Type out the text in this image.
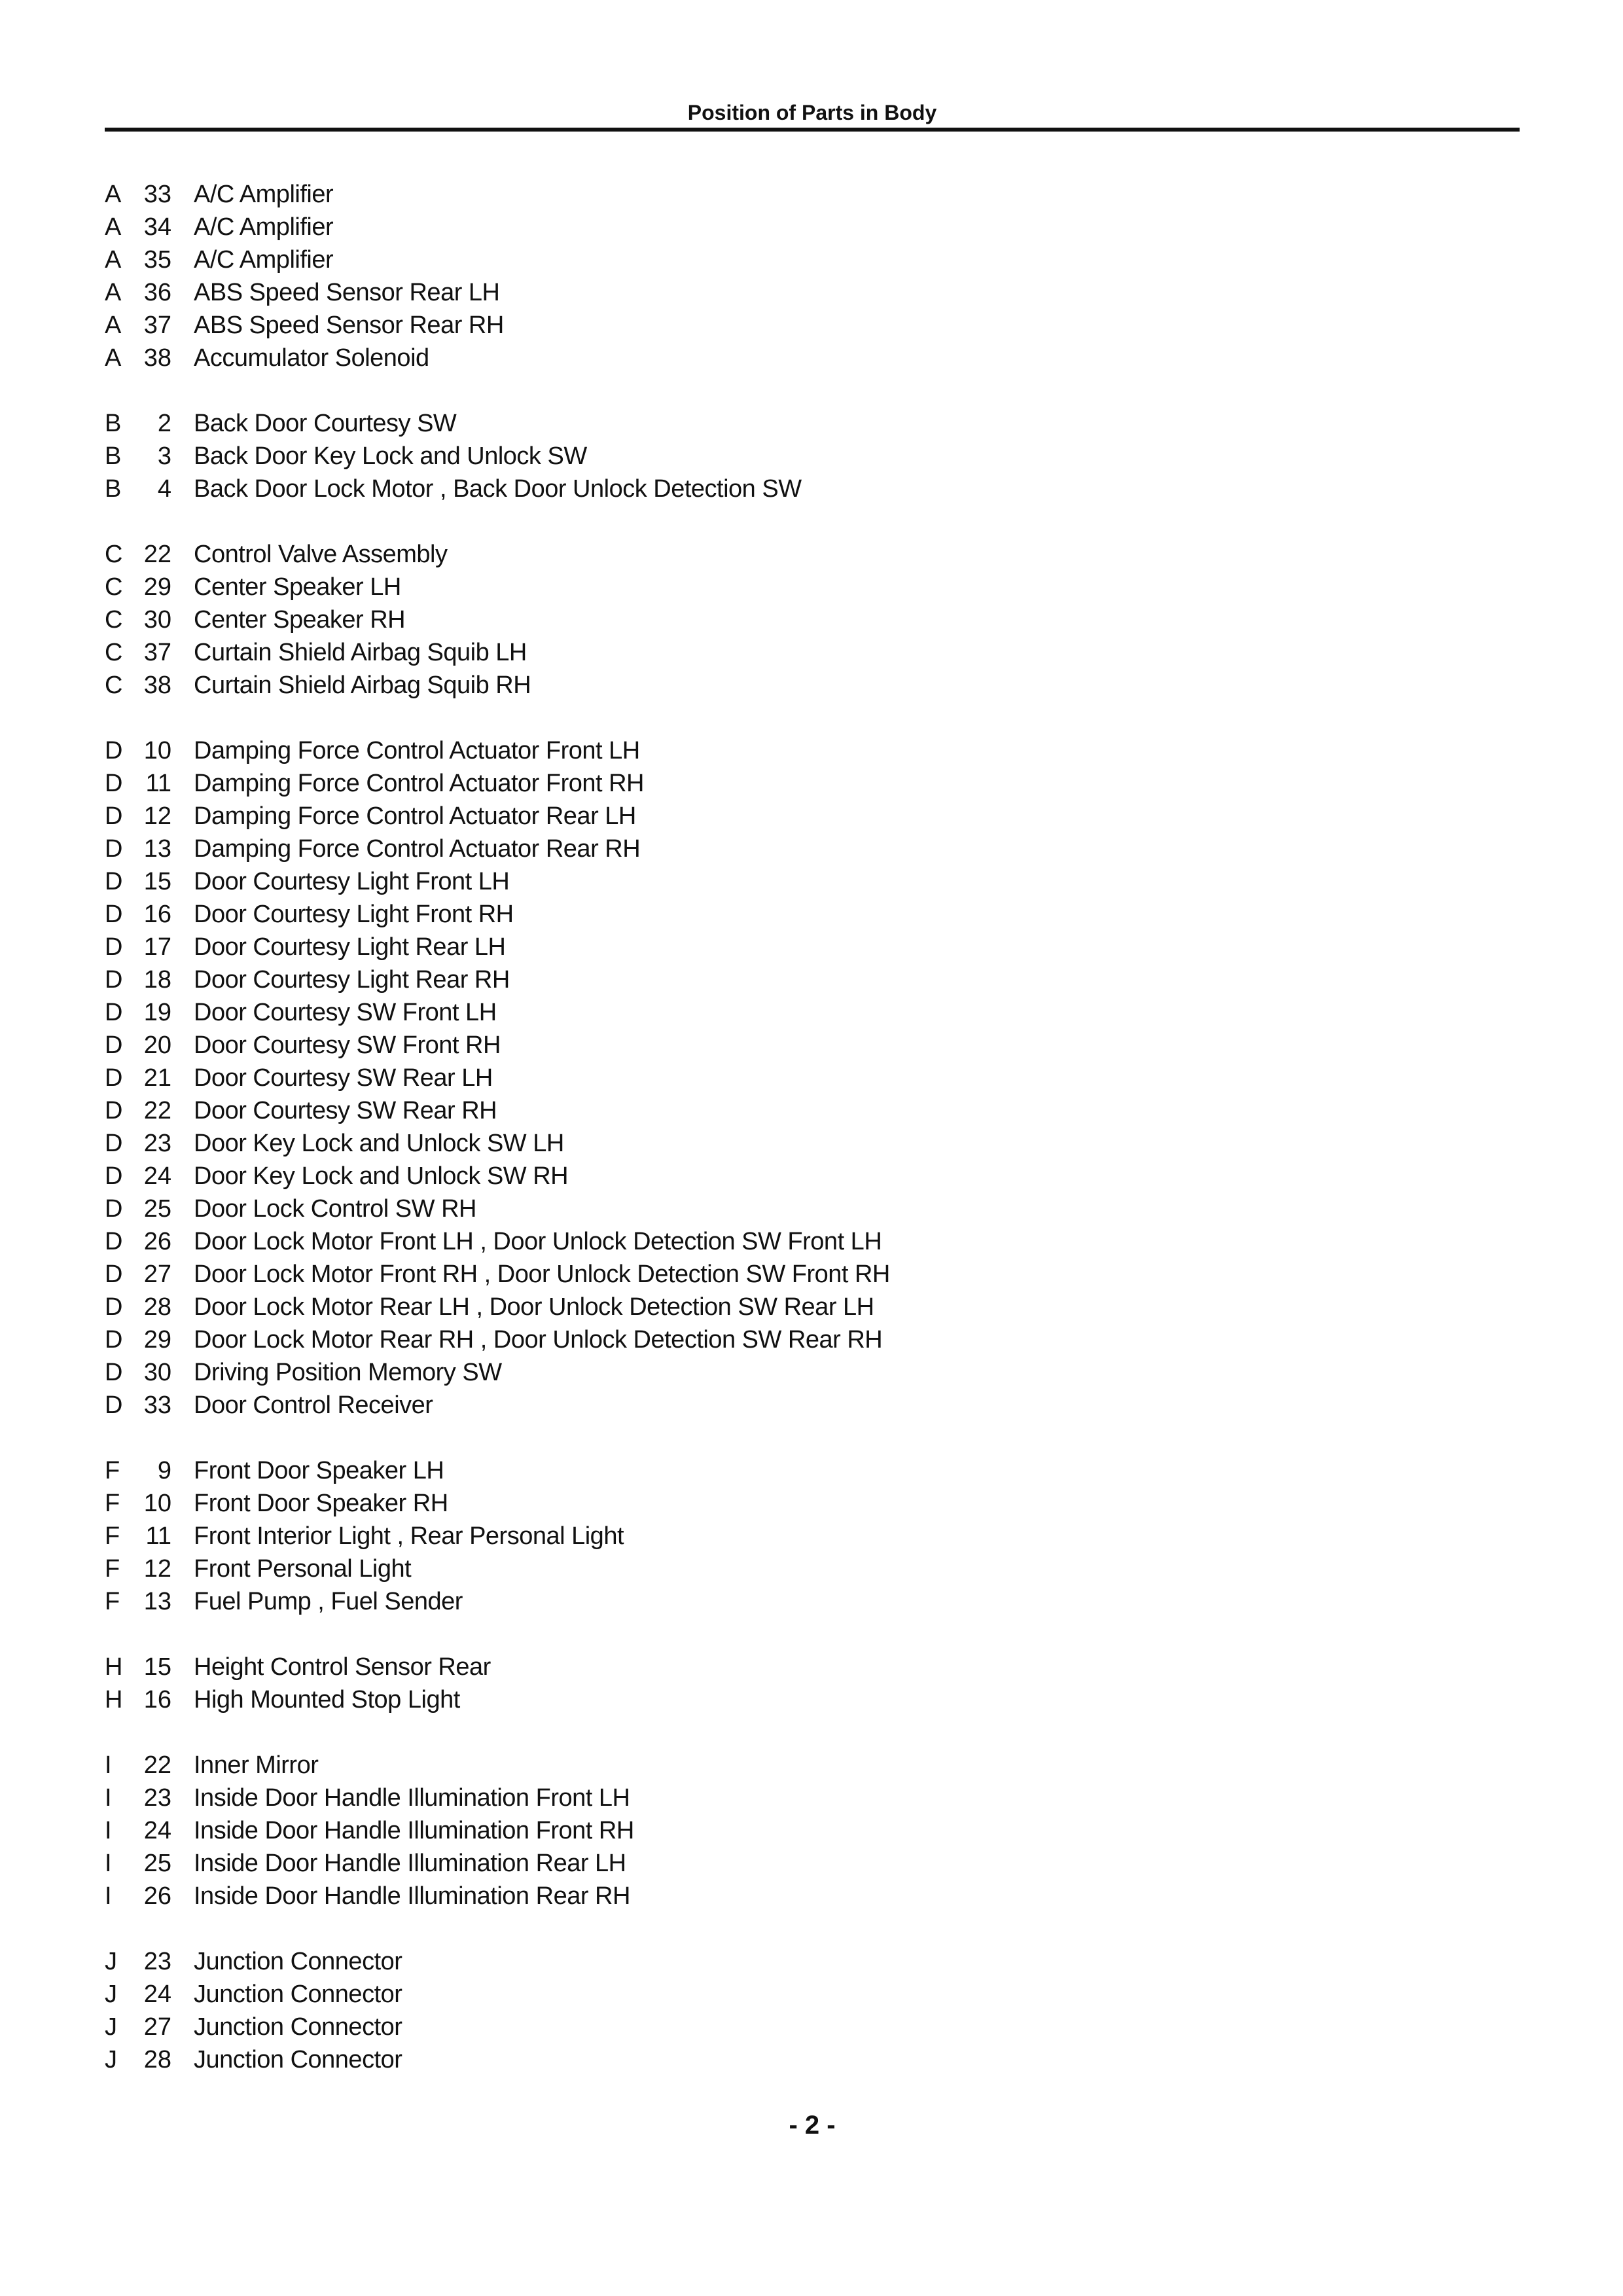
Position of Parts in Body
A 33 A/C Amplifier
A 34 A/C Amplifier
A 35 A/C Amplifier
A 36 ABS Speed Sensor Rear LH
A 37 ABS Speed Sensor Rear RH
A 38 Accumulator Solenoid
B	2 Back Door Courtesy SW
B	3 Back Door Key Lock and Unlock SW
B	4 Back Door Lock Motor , Back Door Unlock Detection SW
C 22 Control Valve Assembly
C 29 Center Speaker LH
C 30 Center Speaker RH
C 37 Curtain Shield Airbag Squib LH
C 38 Curtain Shield Airbag Squib RH
D 10 Damping Force Control Actuator Front LH
D 11 Damping Force Control Actuator Front RH
D 12 Damping Force Control Actuator Rear LH
D 13 Damping Force Control Actuator Rear RH
D 15 Door Courtesy Light Front LH
D 16 Door Courtesy Light Front RH
D 17 Door Courtesy Light Rear LH
D 18 Door Courtesy Light Rear RH
D 19 Door Courtesy SW Front LH
D 20 Door Courtesy SW Front RH
D 21 Door Courtesy SW Rear LH
D 22 Door Courtesy SW Rear RH
D 23 Door Key Lock and Unlock SW LH
D 24 Door Key Lock and Unlock SW RH
D 25 Door Lock Control SW RH
D 26 Door Lock Motor Front LH , Door Unlock Detection SW Front LH
D 27 Door Lock Motor Front RH , Door Unlock Detection SW Front RH
D 28 Door Lock Motor Rear LH , Door Unlock Detection SW Rear LH
D 29 Door Lock Motor Rear RH , Door Unlock Detection SW Rear RH
D 30 Driving Position Memory SW
D 33 Door Control Receiver
F	9 Front Door Speaker LH
F 10 Front Door Speaker RH
F	11 Front Interior Light , Rear Personal Light
F 12 Front Personal Light
F 13 Fuel Pump , Fuel Sender
H 15 Height Control Sensor Rear
H 16 High Mounted Stop Light
I	22 Inner Mirror
I	23 Inside Door Handle Illumination Front LH
I	24 Inside Door Handle Illumination Front RH
I	25 Inside Door Handle Illumination Rear LH
I	26 Inside Door Handle Illumination Rear RH
J	23 Junction Connector
J	24 Junction Connector
J	27 Junction Connector
J	28 Junction Connector
- 2 -
